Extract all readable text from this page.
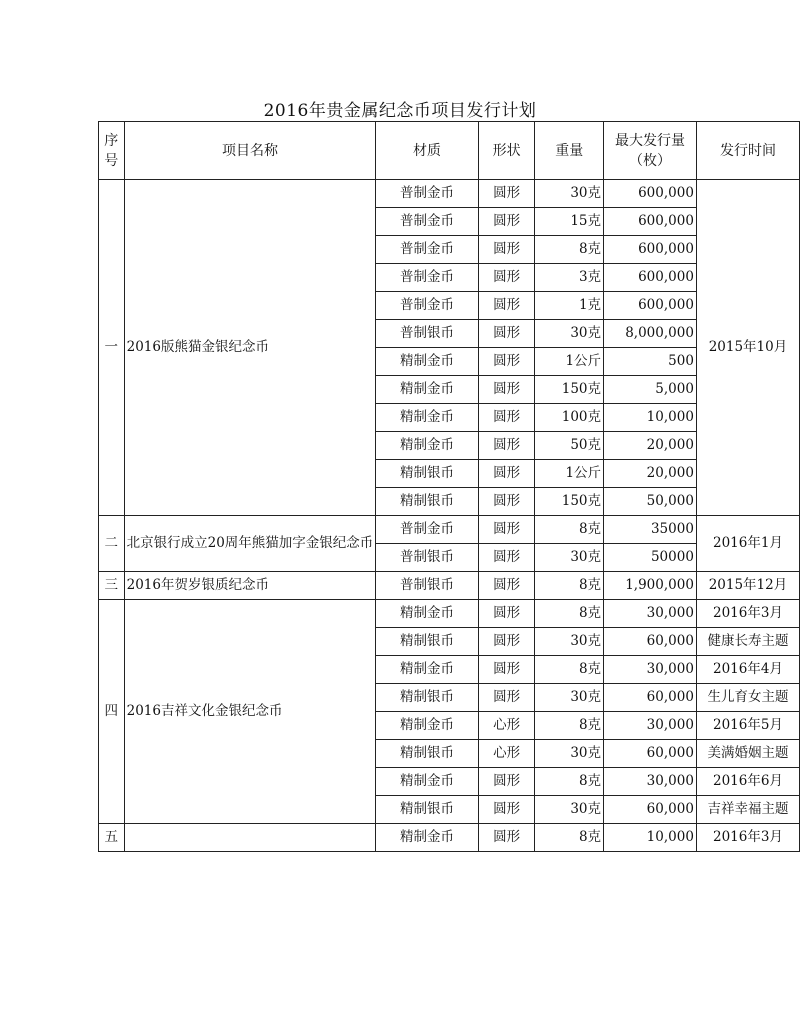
2016年贵金属纪念币项目发行计划
序号	项目名称	材质	形状	重量	最大发行量（枚）	发行时间
一	2016版熊猫金银纪念币	普制金币	圆形	30克	600,000	2015年10月
		普制金币	圆形	15克	600,000	
		普制金币	圆形	8克	600,000	
		普制金币	圆形	3克	600,000	
		普制金币	圆形	1克	600,000	
		普制银币	圆形	30克	8,000,000	
		精制金币	圆形	1公斤	500	
		精制金币	圆形	150克	5,000	
		精制金币	圆形	100克	10,000	
		精制金币	圆形	50克	20,000	
		精制银币	圆形	1公斤	20,000	
		精制银币	圆形	150克	50,000	
二	北京银行成立20周年熊猫加字金银纪念币	普制金币	圆形	8克	35000	2016年1月
		普制银币	圆形	30克	50000	
三	2016年贺岁银质纪念币	普制银币	圆形	8克	1,900,000	2015年12月
四	2016吉祥文化金银纪念币	精制金币	圆形	8克	30,000	2016年3月
		精制银币	圆形	30克	60,000	健康长寿主题
		精制金币	圆形	8克	30,000	2016年4月
		精制银币	圆形	30克	60,000	生儿育女主题
		精制金币	心形	8克	30,000	2016年5月
		精制银币	心形	30克	60,000	美满婚姻主题
		精制金币	圆形	8克	30,000	2016年6月
		精制银币	圆形	30克	60,000	吉祥幸福主题
五		精制金币	圆形	8克	10,000	2016年3月
